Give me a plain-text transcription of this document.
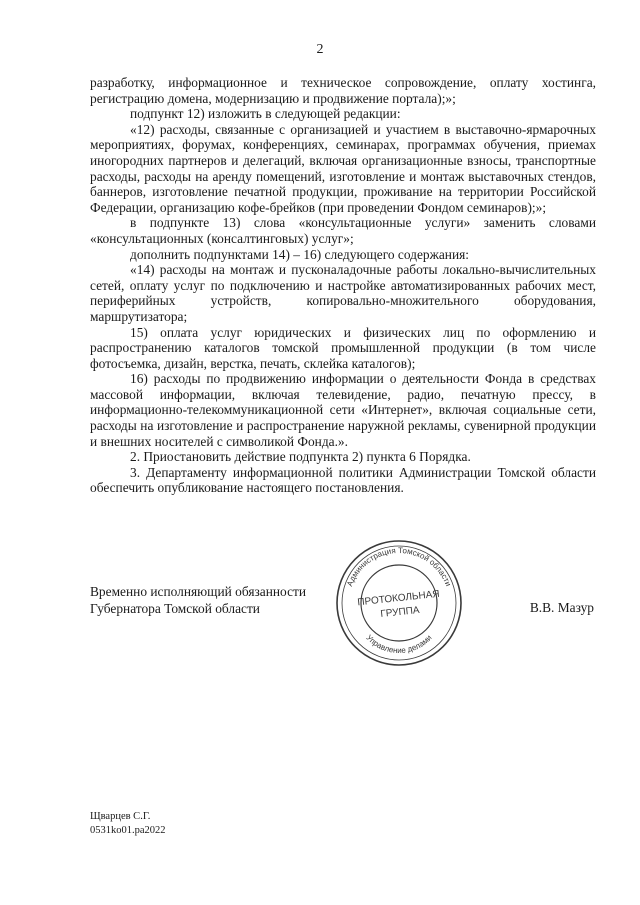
2

разработку, информационное и техническое сопровождение, оплату хостинга, регистрацию домена, модернизацию и продвижение портала);»;

подпункт 12) изложить в следующей редакции:

«12) расходы, связанные с организацией и участием в выставочно-ярмарочных мероприятиях, форумах, конференциях, семинарах, программах обучения, приемах иногородних партнеров и делегаций, включая организационные взносы, транспортные расходы, расходы на аренду помещений, изготовление и монтаж выставочных стендов, баннеров, изготовление печатной продукции, проживание на территории Российской Федерации, организацию кофе-брейков (при проведении Фондом семинаров);»;

в подпункте 13) слова «консультационные услуги» заменить словами «консультационных (консалтинговых) услуг»;

дополнить подпунктами 14) – 16) следующего содержания:

«14) расходы на монтаж и пусконаладочные работы локально-вычислительных сетей, оплату услуг по подключению и настройке автоматизированных рабочих мест, периферийных устройств, копировально-множительного оборудования, маршрутизатора;

15) оплата услуг юридических и физических лиц по оформлению и распространению каталогов томской промышленной продукции (в том числе фотосъемка, дизайн, верстка, печать, склейка каталогов);

16) расходы по продвижению информации о деятельности Фонда в средствах массовой информации, включая телевидение, радио, печатную прессу, в информационно-телекоммуникационной сети «Интернет», включая социальные сети, расходы на изготовление и распространение наружной рекламы, сувенирной продукции и внешних носителей с символикой Фонда.».

2. Приостановить действие подпункта 2) пункта 6 Порядка.

3. Департаменту информационной политики Администрации Томской области обеспечить опубликование настоящего постановления.

Временно исполняющий обязанности
Губернатора Томской области
Администрация Томской области
Управление делами
ПРОТОКОЛЬНАЯ
ГРУППА	В.В. Мазур
Щварцев С.Г.
0531ko01.pa2022
